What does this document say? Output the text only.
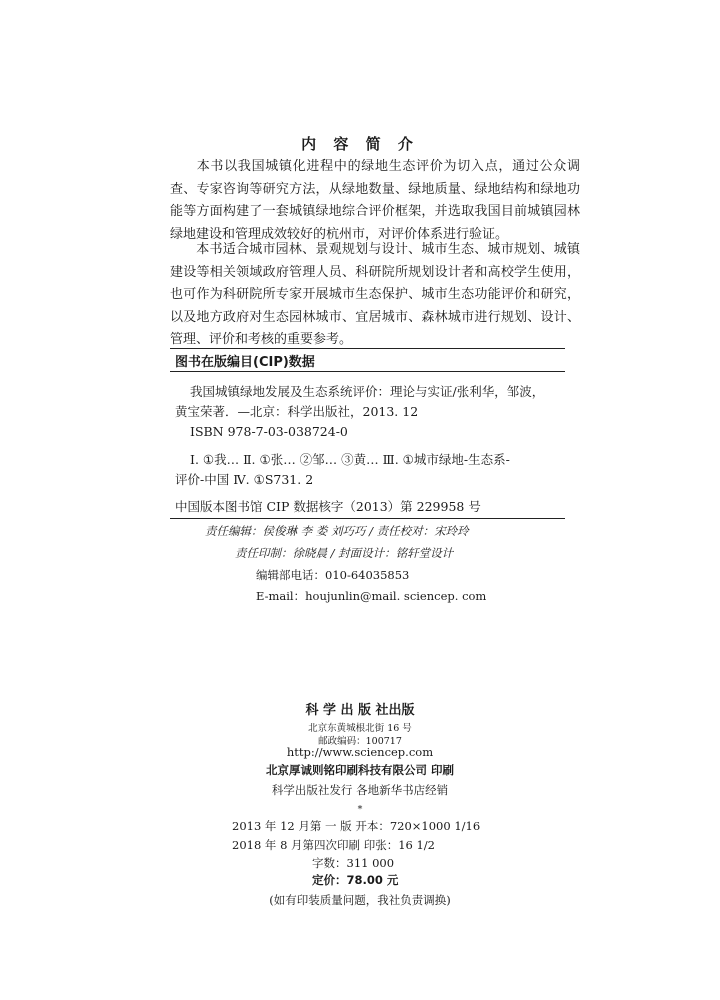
内 容 简 介
本书以我国城镇化进程中的绿地生态评价为切入点，通过公众调查、专家咨询等研究方法，从绿地数量、绿地质量、绿地结构和绿地功能等方面构建了一套城镇绿地综合评价框架，并选取我国目前城镇园林绿地建设和管理成效较好的杭州市，对评价体系进行验证。
本书适合城市园林、景观规划与设计、城市生态、城市规划、城镇建设等相关领域政府管理人员、科研院所规划设计者和高校学生使用，也可作为科研院所专家开展城市生态保护、城市生态功能评价和研究，以及地方政府对生态园林城市、宜居城市、森林城市进行规划、设计、管理、评价和考核的重要参考。
图书在版编目(CIP)数据
我国城镇绿地发展及生态系统评价：理论与实证/张利华，邹波，
黄宝荣著．—北京：科学出版社，2013. 12
ISBN 978-7-03-038724-0
Ⅰ. ①我… Ⅱ. ①张… ②邹… ③黄… Ⅲ. ①城市绿地-生态系-
评价-中国 Ⅳ. ①S731. 2
中国版本图书馆 CIP 数据核字（2013）第 229958 号
责任编辑：侯俊琳 李 娄 刘巧巧 / 责任校对：宋玲玲
责任印制：徐晓晨 / 封面设计：铭轩堂设计
编辑部电话：010-64035853
E-mail：houjunlin@mail. sciencep. com
科 学 出 版 社出版
北京东黄城根北街 16 号
邮政编码：100717
http://www.sciencep.com
北京厚诚则铭印刷科技有限公司 印刷
科学出版社发行 各地新华书店经销
*
2013 年 12 月第 一 版 开本：720×1000 1/16
2018 年 8 月第四次印刷 印张：16 1/2
字数：311 000
定价：78.00 元
(如有印装质量问题，我社负责调换)
